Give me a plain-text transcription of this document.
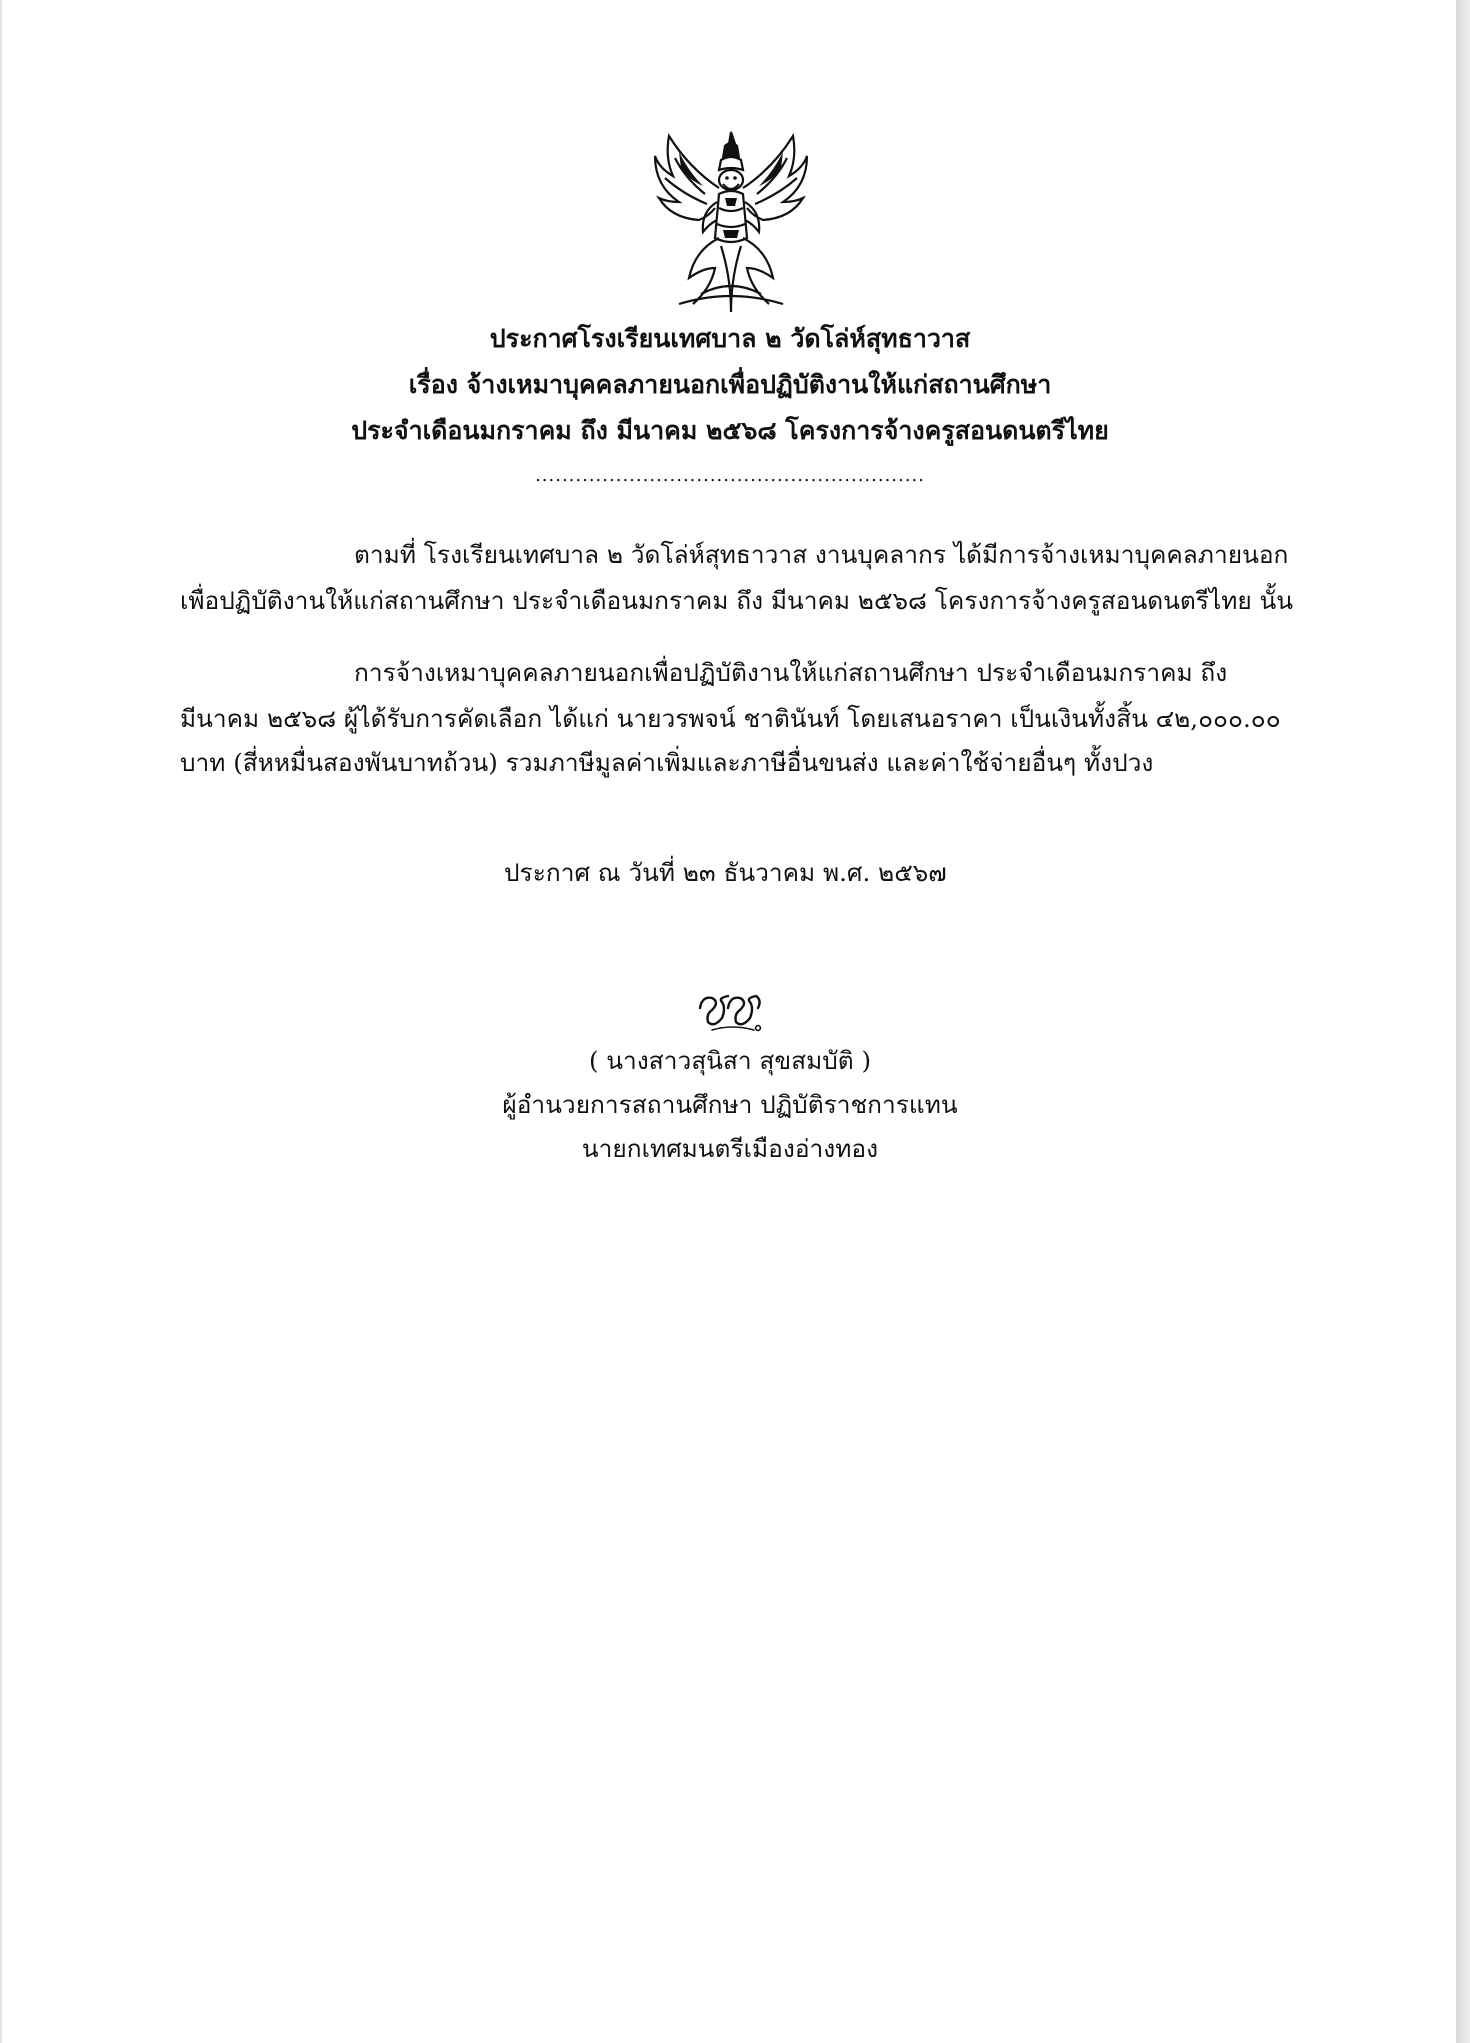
ประกาศโรงเรียนเทศบาล ๒ วัดโล่ห์สุทธาวาส
เรื่อง จ้างเหมาบุคคลภายนอกเพื่อปฏิบัติงานให้แก่สถานศึกษา
ประจำเดือนมกราคม ถึง มีนาคม ๒๕๖๘ โครงการจ้างครูสอนดนตรีไทย
..........................................................
ตามที่ โรงเรียนเทศบาล ๒ วัดโล่ห์สุทธาวาส งานบุคลากร ได้มีการจ้างเหมาบุคคลภายนอก
เพื่อปฏิบัติงานให้แก่สถานศึกษา ประจำเดือนมกราคม ถึง มีนาคม ๒๕๖๘ โครงการจ้างครูสอนดนตรีไทย นั้น
การจ้างเหมาบุคคลภายนอกเพื่อปฏิบัติงานให้แก่สถานศึกษา ประจำเดือนมกราคม ถึง
มีนาคม ๒๕๖๘ ผู้ได้รับการคัดเลือก ได้แก่ นายวรพจน์ ชาตินันท์ โดยเสนอราคา เป็นเงินทั้งสิ้น ๔๒,๐๐๐.๐๐
บาท (สี่หหมื่นสองพันบาทถ้วน) รวมภาษีมูลค่าเพิ่มและภาษีอื่นขนส่ง และค่าใช้จ่ายอื่นๆ ทั้งปวง
ประกาศ ณ วันที่ ๒๓ ธันวาคม พ.ศ. ๒๕๖๗
( นางสาวสุนิสา สุขสมบัติ )
ผู้อำนวยการสถานศึกษา ปฏิบัติราชการแทน
นายกเทศมนตรีเมืองอ่างทอง
